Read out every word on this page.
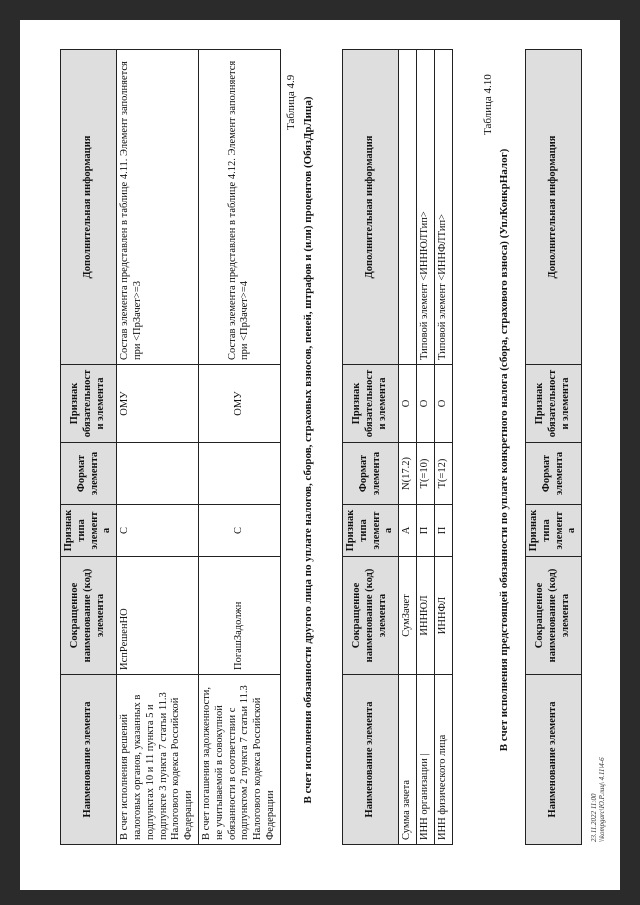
Наименование элемента	Сокращенное наименование (код) элемента	Признак типа элемента	Формат элемента	Признак обязательности элемента	Дополнительная информация
В счет исполнения решений налоговых органов, указанных в подпунктах 10 и 11 пункта 5 и подпункте 3 пункта 7 статьи 11.3 Налогового кодекса Российской Федерации	ИспРешенНО	С		ОМУ	Состав элемента представлен в таблице 4.11. Элемент заполняется при <ПрЗачет>=3
В счет погашения задолженности, не учитываемой в совокупной обязанности в соответствии с подпунктом 2 пункта 7 статьи 11.3 Налогового кодекса Российской Федерации	ПогашЗадолжн	С		ОМУ	Состав элемента представлен в таблице 4.12. Элемент заполняется при <ПрЗачет>=4
Таблица 4.9 В счет исполнения обязанности другого лица по уплате налогов, сборов, страховых взносов, пеней, штрафов и (или) процентов (ОбязДрЛица)	Наименование элемента	Сокращенное наименование (код) элемента	Признак типа элемента	Формат элемента	Признак обязательности элемента	Дополнительная информация
Сумма зачета	СумЗачет	А	N(17.2)	О	
ИНН организации |	ИННЮЛ	П	T(=10)	О	Типовой элемент <ИННЮЛТип>
ИНН физического лица	ИННФЛ	П	T(=12)	О	Типовой элемент <ИННФЛТип>
Таблица 4.10
В счет исполнения предстоящей обязанности по уплате конкретного налога (сбора, страхового взноса) (УплКонкрНалог)
Наименование элемента	Сокращенное наименование (код) элемента	Признак типа элемента	Формат элемента	Признак обязательности элемента	Дополнительная информация
23.11.2022 11:00 \\kompgarc\Ю.Р.лиц\ 4.11\4-6
